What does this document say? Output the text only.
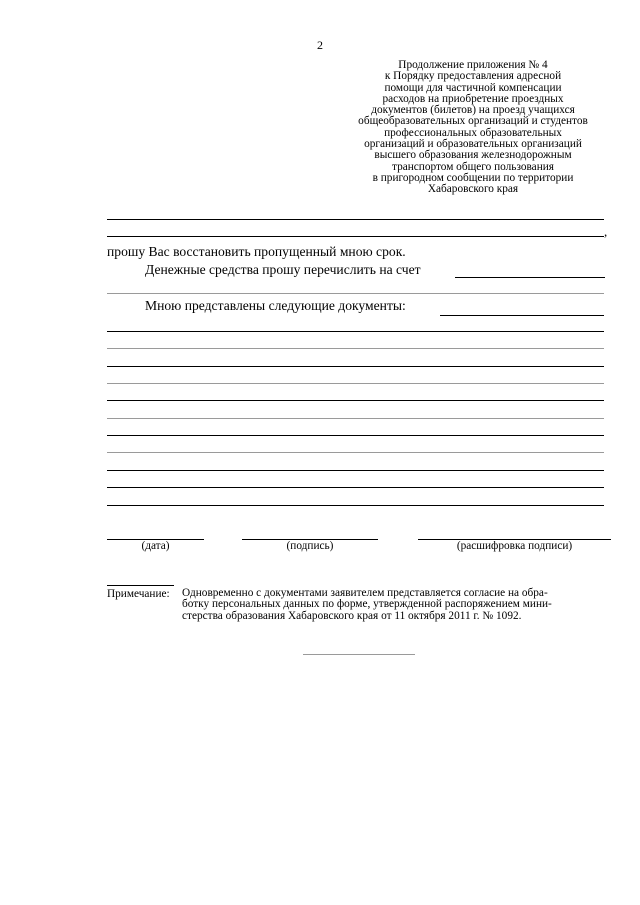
2
Продолжение приложения № 4
к Порядку предоставления адресной
помощи для частичной компенсации
расходов на приобретение проездных
документов (билетов) на проезд учащихся
общеобразовательных организаций и студентов
профессиональных образовательных
организаций и образовательных организаций
высшего образования железнодорожным
транспортом общего пользования
в пригородном сообщении по территории
Хабаровского края
,
прошу Вас восстановить пропущенный мною срок.
Денежные средства прошу перечислить на счет
Мною представлены следующие документы:
(дата)	(подпись)	(расшифровка подписи)
Примечание: Одновременно с документами заявителем представляется согласие на обра-
ботку персональных данных по форме, утвержденной распоряжением мини-
стерства образования Хабаровского края от 11 октября 2011 г. № 1092.
